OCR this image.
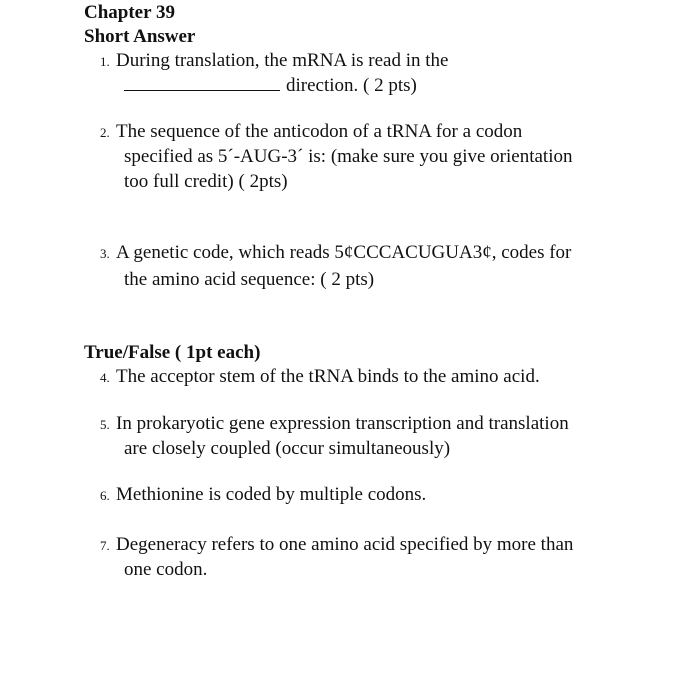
Chapter 39
Short Answer
1. During translation, the mRNA is read in the
direction. ( 2 pts)
2. The sequence of the anticodon of a tRNA for a codon
specified as 5´-AUG-3´ is: (make sure you give orientation
too full credit) ( 2pts)
3. A genetic code, which reads 5¢CCCACUGUA3¢, codes for
the amino acid sequence: ( 2 pts)
True/False ( 1pt each)
4. The acceptor stem of the tRNA binds to the amino acid.
5. In prokaryotic gene expression transcription and translation
are closely coupled (occur simultaneously)
6. Methionine is coded by multiple codons.
7. Degeneracy refers to one amino acid specified by more than
one codon.
